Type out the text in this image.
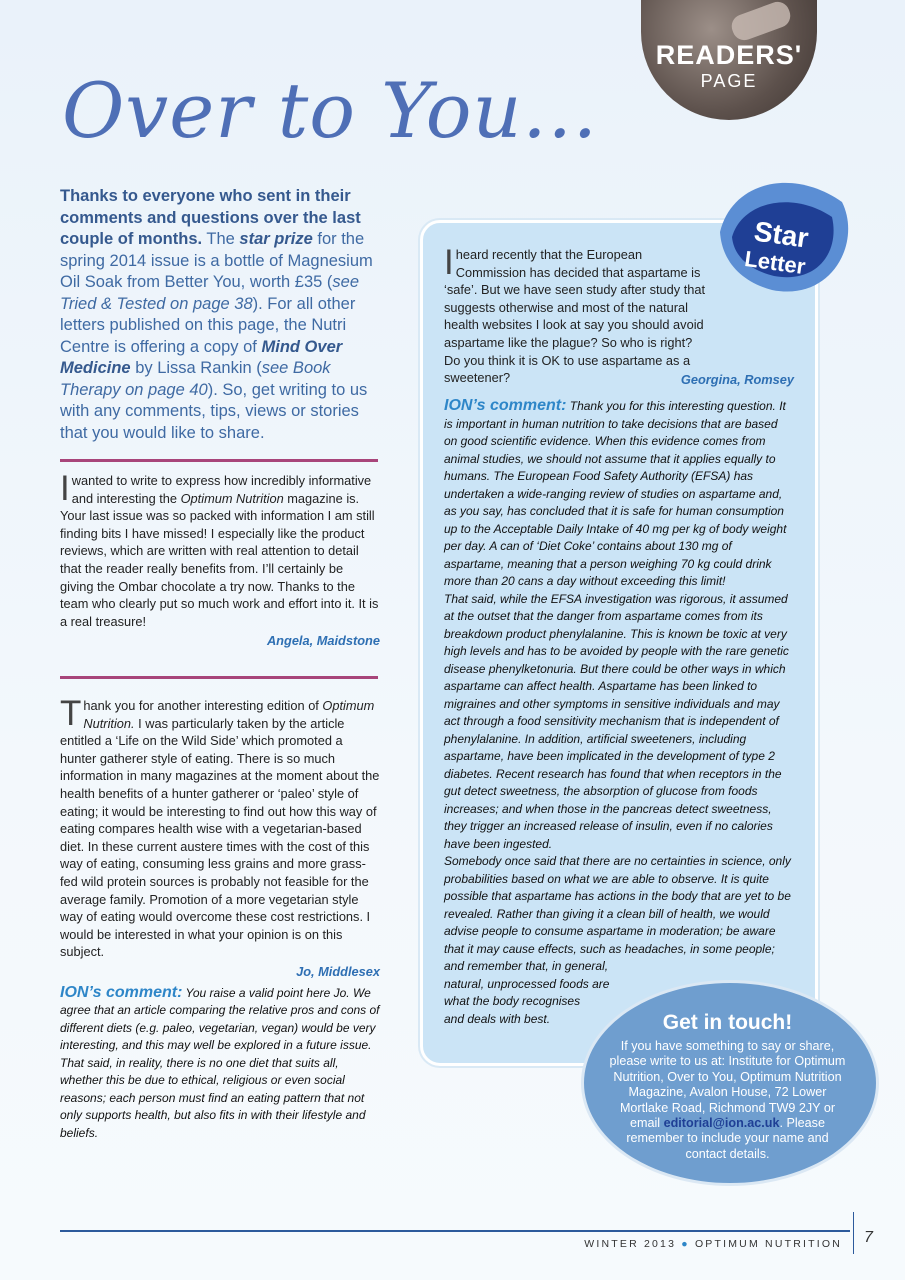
READERS'
PAGE
Over to You...
Thanks to everyone who sent in their comments and questions over the last couple of months. The star prize for the spring 2014 issue is a bottle of Magnesium Oil Soak from Better You, worth £35 (see Tried & Tested on page 38). For all other letters published on this page, the Nutri Centre is offering a copy of Mind Over Medicine by Lissa Rankin (see Book Therapy on page 40). So, get writing to us with any comments, tips, views or stories that you would like to share.
Iwanted to write to express how incredibly informative and interesting the Optimum Nutrition magazine is. Your last issue was so packed with information I am still finding bits I have missed! I especially like the product reviews, which are written with real attention to detail that the reader really benefits from. I’ll certainly be giving the Ombar chocolate a try now. Thanks to the team who clearly put so much work and effort into it. It is a real treasure!
Angela, Maidstone
Thank you for another interesting edition of Optimum Nutrition. I was particularly taken by the article entitled a ‘Life on the Wild Side’ which promoted a hunter gatherer style of eating. There is so much information in many magazines at the moment about the health benefits of a hunter gatherer or ‘paleo’ style of eating; it would be interesting to find out how this way of eating compares health wise with a vegetarian-based diet. In these current austere times with the cost of this way of eating, consuming less grains and more grass-fed wild protein sources is probably not feasible for the average family. Promotion of a more vegetarian style way of eating would overcome these cost restrictions. I would be interested in what your opinion is on this subject.
Jo, Middlesex
ION’s comment: You raise a valid point here Jo. We agree that an article comparing the relative pros and cons of different diets (e.g. paleo, vegetarian, vegan) would be very interesting, and this may well be explored in a future issue. That said, in reality, there is no one diet that suits all, whether this be due to ethical, religious or even social reasons; each person must find an eating pattern that not only supports health, but also fits in with their lifestyle and beliefs.
Star
Letter
Iheard recently that the European Commission has decided that aspartame is ‘safe’. But we have seen study after study that suggests otherwise and most of the natural health websites I look at say you should avoid aspartame like the plague? So who is right? Do you think it is OK to use aspartame as a sweetener?	Georgina, Romsey
ION’s comment: Thank you for this interesting question. It is important in human nutrition to take decisions that are based on good scientific evidence. When this evidence comes from animal studies, we should not assume that it applies equally to humans. The European Food Safety Authority (EFSA) has undertaken a wide-ranging review of studies on aspartame and, as you say, has concluded that it is safe for human consumption up to the Acceptable Daily Intake of 40 mg per kg of body weight per day. A can of ‘Diet Coke’ contains about 130 mg of aspartame, meaning that a person weighing 70 kg could drink more than 20 cans a day without exceeding this limit!
That said, while the EFSA investigation was rigorous, it assumed at the outset that the danger from aspartame comes from its breakdown product phenylalanine. This is known be toxic at very high levels and has to be avoided by people with the rare genetic disease phenylketonuria. But there could be other ways in which aspartame can affect health. Aspartame has been linked to migraines and other symptoms in sensitive individuals and may act through a food sensitivity mechanism that is independent of phenylalanine. In addition, artificial sweeteners, including aspartame, have been implicated in the development of type 2 diabetes. Recent research has found that when receptors in the gut detect sweetness, the absorption of glucose from foods increases; and when those in the pancreas detect sweetness, they trigger an increased release of insulin, even if no calories have been ingested.
Somebody once said that there are no certainties in science, only probabilities based on what we are able to observe. It is quite possible that aspartame has actions in the body that are yet to be revealed. Rather than giving it a clean bill of health, we would advise people to consume aspartame in moderation; be aware that it may cause effects, such as headaches, in some people; and remember that, in general,
natural, unprocessed foods are
what the body recognises
and deals with best.	Get in touch!
If you have something to say or share, please write to us at: Institute for Optimum Nutrition, Over to You, Optimum Nutrition Magazine, Avalon House, 72 Lower Mortlake Road, Richmond TW9 2JY or email editorial@ion.ac.uk. Please remember to include your name and contact details.
WINTER 2013 ● OPTIMUM NUTRITION 7
